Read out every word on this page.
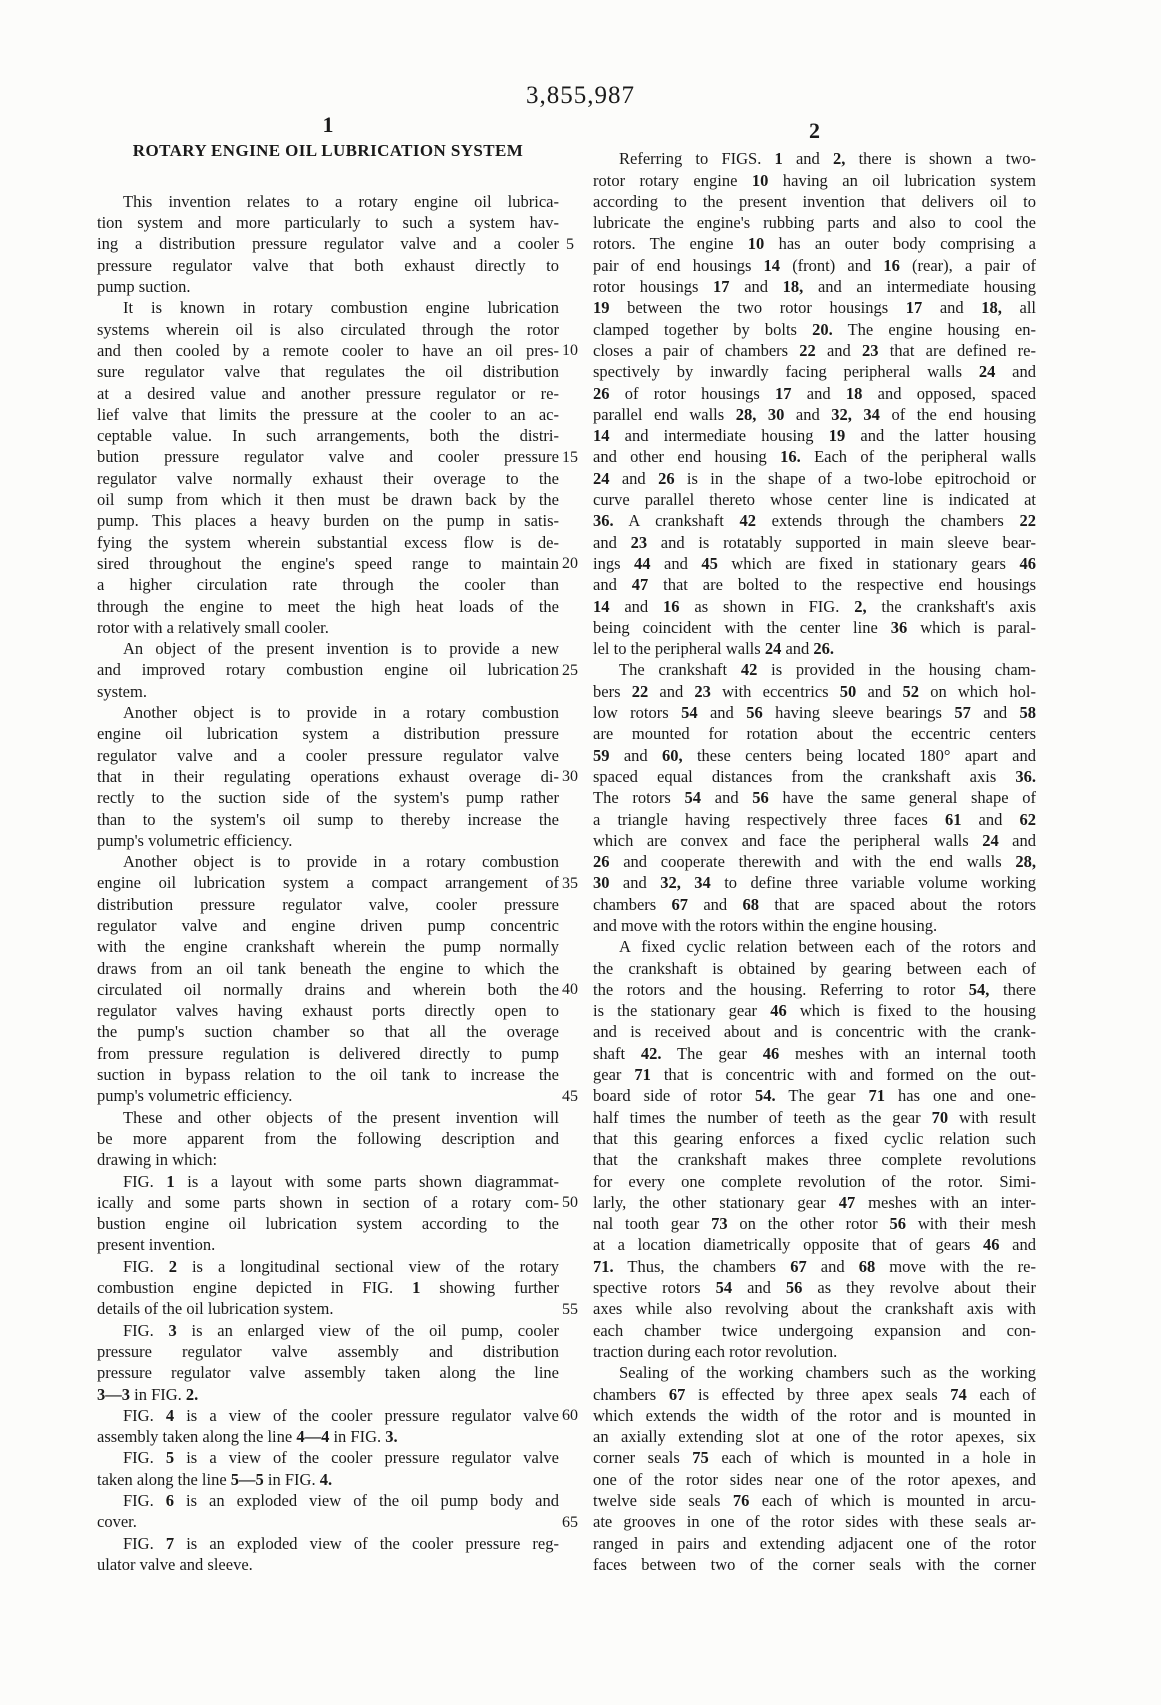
3,855,987
1	2
ROTARY ENGINE OIL LUBRICATION SYSTEM
This invention relates to a rotary engine oil lubrica-
tion system and more particularly to such a system hav-
ing a distribution pressure regulator valve and a cooler
pressure regulator valve that both exhaust directly to
pump suction.
It is known in rotary combustion engine lubrication
systems wherein oil is also circulated through the rotor
and then cooled by a remote cooler to have an oil pres-
sure regulator valve that regulates the oil distribution
at a desired value and another pressure regulator or re-
lief valve that limits the pressure at the cooler to an ac-
ceptable value. In such arrangements, both the distri-
bution pressure regulator valve and cooler pressure
regulator valve normally exhaust their overage to the
oil sump from which it then must be drawn back by the
pump. This places a heavy burden on the pump in satis-
fying the system wherein substantial excess flow is de-
sired throughout the engine's speed range to maintain
a higher circulation rate through the cooler than
through the engine to meet the high heat loads of the
rotor with a relatively small cooler.
An object of the present invention is to provide a new
and improved rotary combustion engine oil lubrication
system.
Another object is to provide in a rotary combustion
engine oil lubrication system a distribution pressure
regulator valve and a cooler pressure regulator valve
that in their regulating operations exhaust overage di-
rectly to the suction side of the system's pump rather
than to the system's oil sump to thereby increase the
pump's volumetric efficiency.
Another object is to provide in a rotary combustion
engine oil lubrication system a compact arrangement of
distribution pressure regulator valve, cooler pressure
regulator valve and engine driven pump concentric
with the engine crankshaft wherein the pump normally
draws from an oil tank beneath the engine to which the
circulated oil normally drains and wherein both the
regulator valves having exhaust ports directly open to
the pump's suction chamber so that all the overage
from pressure regulation is delivered directly to pump
suction in bypass relation to the oil tank to increase the
pump's volumetric efficiency.
These and other objects of the present invention will
be more apparent from the following description and
drawing in which:
FIG. 1 is a layout with some parts shown diagrammat-
ically and some parts shown in section of a rotary com-
bustion engine oil lubrication system according to the
present invention.
FIG. 2 is a longitudinal sectional view of the rotary
combustion engine depicted in FIG. 1 showing further
details of the oil lubrication system.
FIG. 3 is an enlarged view of the oil pump, cooler
pressure regulator valve assembly and distribution
pressure regulator valve assembly taken along the line
3—3 in FIG. 2.
FIG. 4 is a view of the cooler pressure regulator valve
assembly taken along the line 4—4 in FIG. 3.
FIG. 5 is a view of the cooler pressure regulator valve
taken along the line 5—5 in FIG. 4.
FIG. 6 is an exploded view of the oil pump body and
cover.
FIG. 7 is an exploded view of the cooler pressure reg-
ulator valve and sleeve.
Referring to FIGS. 1 and 2, there is shown a two-
rotor rotary engine 10 having an oil lubrication system
according to the present invention that delivers oil to
lubricate the engine's rubbing parts and also to cool the
rotors. The engine 10 has an outer body comprising a
pair of end housings 14 (front) and 16 (rear), a pair of
rotor housings 17 and 18, and an intermediate housing
19 between the two rotor housings 17 and 18, all
clamped together by bolts 20. The engine housing en-
closes a pair of chambers 22 and 23 that are defined re-
spectively by inwardly facing peripheral walls 24 and
26 of rotor housings 17 and 18 and opposed, spaced
parallel end walls 28, 30 and 32, 34 of the end housing
14 and intermediate housing 19 and the latter housing
and other end housing 16. Each of the peripheral walls
24 and 26 is in the shape of a two-lobe epitrochoid or
curve parallel thereto whose center line is indicated at
36. A crankshaft 42 extends through the chambers 22
and 23 and is rotatably supported in main sleeve bear-
ings 44 and 45 which are fixed in stationary gears 46
and 47 that are bolted to the respective end housings
14 and 16 as shown in FIG. 2, the crankshaft's axis
being coincident with the center line 36 which is paral-
lel to the peripheral walls 24 and 26.
The crankshaft 42 is provided in the housing cham-
bers 22 and 23 with eccentrics 50 and 52 on which hol-
low rotors 54 and 56 having sleeve bearings 57 and 58
are mounted for rotation about the eccentric centers
59 and 60, these centers being located 180° apart and
spaced equal distances from the crankshaft axis 36.
The rotors 54 and 56 have the same general shape of
a triangle having respectively three faces 61 and 62
which are convex and face the peripheral walls 24 and
26 and cooperate therewith and with the end walls 28,
30 and 32, 34 to define three variable volume working
chambers 67 and 68 that are spaced about the rotors
and move with the rotors within the engine housing.
A fixed cyclic relation between each of the rotors and
the crankshaft is obtained by gearing between each of
the rotors and the housing. Referring to rotor 54, there
is the stationary gear 46 which is fixed to the housing
and is received about and is concentric with the crank-
shaft 42. The gear 46 meshes with an internal tooth
gear 71 that is concentric with and formed on the out-
board side of rotor 54. The gear 71 has one and one-
half times the number of teeth as the gear 70 with result
that this gearing enforces a fixed cyclic relation such
that the crankshaft makes three complete revolutions
for every one complete revolution of the rotor. Simi-
larly, the other stationary gear 47 meshes with an inter-
nal tooth gear 73 on the other rotor 56 with their mesh
at a location diametrically opposite that of gears 46 and
71. Thus, the chambers 67 and 68 move with the re-
spective rotors 54 and 56 as they revolve about their
axes while also revolving about the crankshaft axis with
each chamber twice undergoing expansion and con-
traction during each rotor revolution.
Sealing of the working chambers such as the working
chambers 67 is effected by three apex seals 74 each of
which extends the width of the rotor and is mounted in
an axially extending slot at one of the rotor apexes, six
corner seals 75 each of which is mounted in a hole in
one of the rotor sides near one of the rotor apexes, and
twelve side seals 76 each of which is mounted in arcu-
ate grooves in one of the rotor sides with these seals ar-
ranged in pairs and extending adjacent one of the rotor
faces between two of the corner seals with the corner
5
10
15
20
25
30
35
40
45
50
55
60
65
